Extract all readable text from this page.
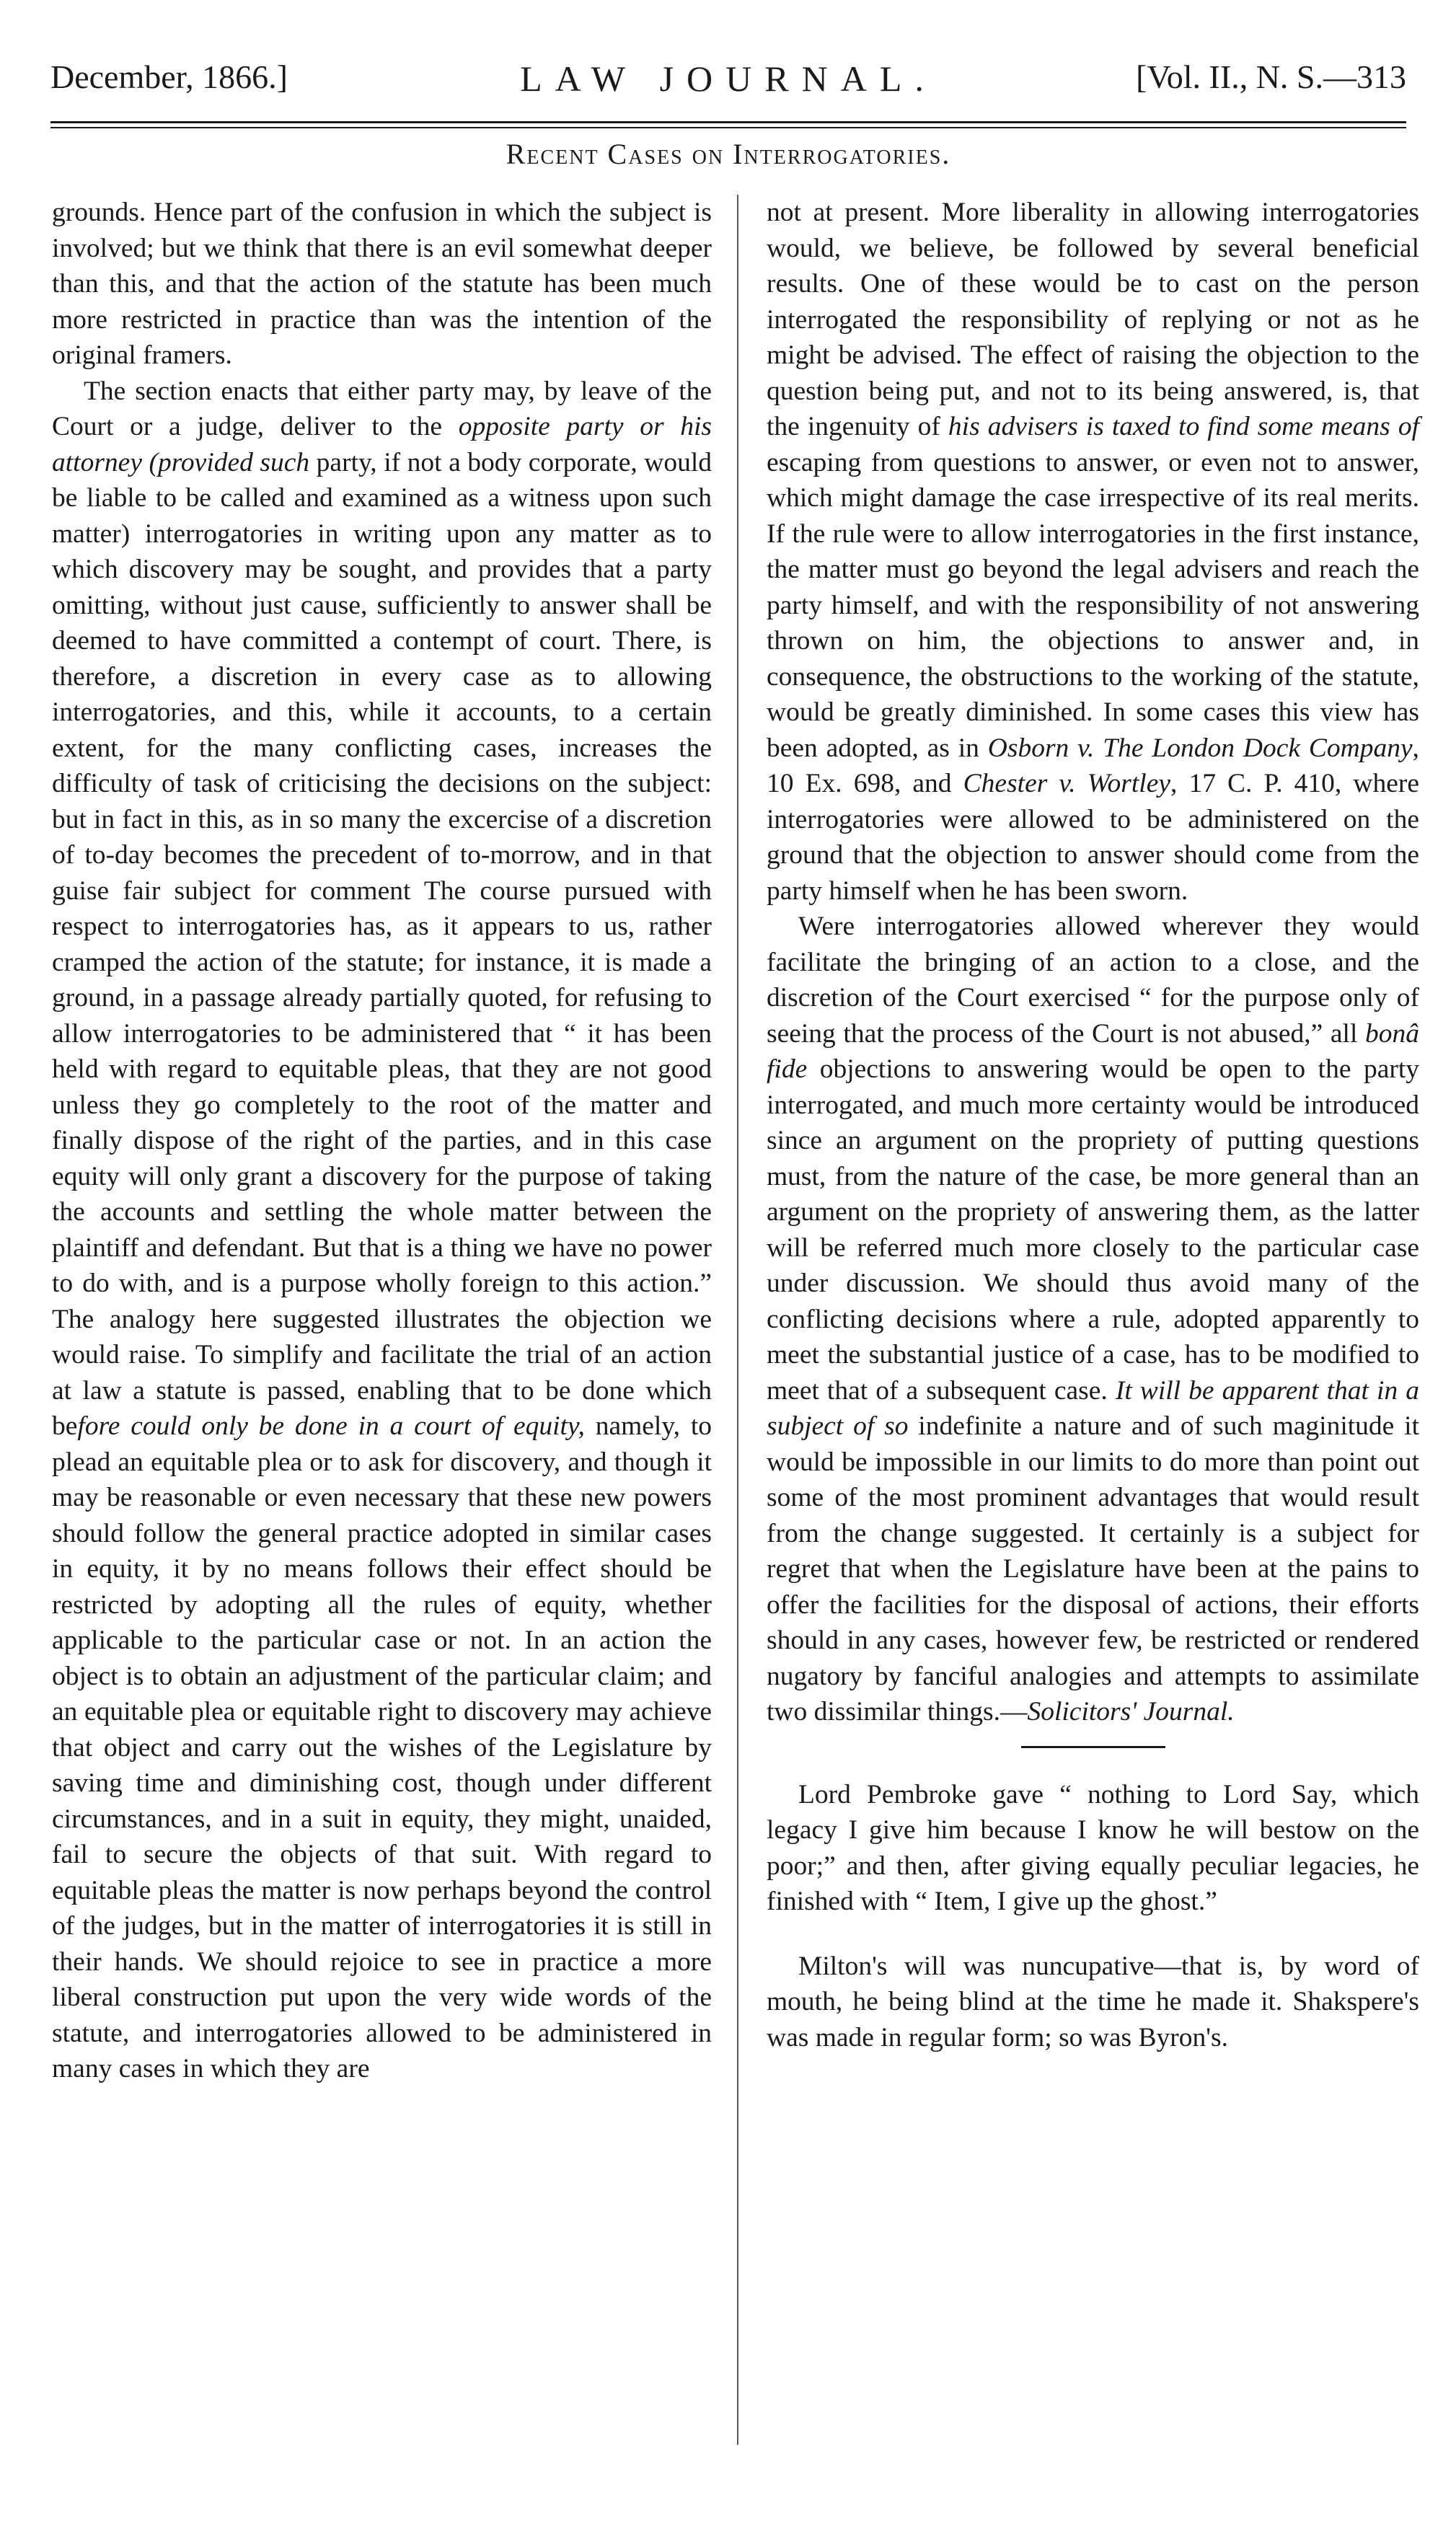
LAW JOURNAL.
December, 1866.]	[Vol. II., N. S.—313
Recent Cases on Interrogatories.

grounds. Hence part of the confusion in which the subject is involved; but we think that there is an evil somewhat deeper than this, and that the action of the statute has been much more restricted in practice than was the intention of the original framers.

The section enacts that either party may, by leave of the Court or a judge, deliver to the opposite party or his attorney (provided such party, if not a body corporate, would be liable to be called and examined as a witness upon such matter) interrogatories in writing upon any matter as to which discovery may be sought, and provides that a party omitting, without just cause, sufficiently to answer shall be deemed to have committed a contempt of court. There, is therefore, a discretion in every case as to allowing interrogatories, and this, while it accounts, to a certain extent, for the many conflicting cases, increases the difficulty of task of criticising the decisions on the subject: but in fact in this, as in so many the excercise of a discretion of to-day becomes the precedent of to-morrow, and in that guise fair subject for comment The course pursued with respect to interrogatories has, as it appears to us, rather cramped the action of the statute; for instance, it is made a ground, in a passage already partially quoted, for refusing to allow interrogatories to be administered that “ it has been held with regard to equitable pleas, that they are not good unless they go completely to the root of the matter and finally dispose of the right of the parties, and in this case equity will only grant a discovery for the purpose of taking the accounts and settling the whole matter between the plaintiff and defendant. But that is a thing we have no power to do with, and is a purpose wholly foreign to this action.” The analogy here suggested illustrates the objection we would raise. To simplify and facilitate the trial of an action at law a statute is passed, enabling that to be done which before could only be done in a court of equity, namely, to plead an equitable plea or to ask for discovery, and though it may be reasonable or even necessary that these new powers should follow the general practice adopted in similar cases in equity, it by no means follows their effect should be restricted by adopting all the rules of equity, whether applicable to the particular case or not. In an action the object is to obtain an adjustment of the particular claim; and an equitable plea or equitable right to discovery may achieve that object and carry out the wishes of the Legislature by saving time and diminishing cost, though under different circumstances, and in a suit in equity, they might, unaided, fail to secure the objects of that suit. With regard to equitable pleas the matter is now perhaps beyond the control of the judges, but in the matter of interrogatories it is still in their hands. We should rejoice to see in practice a more liberal construction put upon the very wide words of the statute, and interrogatories allowed to be administered in many cases in which they are

not at present. More liberality in allowing interrogatories would, we believe, be followed by several beneficial results. One of these would be to cast on the person interrogated the responsibility of replying or not as he might be advised. The effect of raising the objection to the question being put, and not to its being answered, is, that the ingenuity of his advisers is taxed to find some means of escaping from questions to answer, or even not to answer, which might damage the case irrespective of its real merits. If the rule were to allow interrogatories in the first instance, the matter must go beyond the legal advisers and reach the party himself, and with the responsibility of not answering thrown on him, the objections to answer and, in consequence, the obstructions to the working of the statute, would be greatly diminished. In some cases this view has been adopted, as in Osborn v. The London Dock Company, 10 Ex. 698, and Chester v. Wortley, 17 C. P. 410, where interrogatories were allowed to be administered on the ground that the objection to answer should come from the party himself when he has been sworn.

Were interrogatories allowed wherever they would facilitate the bringing of an action to a close, and the discretion of the Court exercised “ for the purpose only of seeing that the process of the Court is not abused,” all bonâ fide objections to answering would be open to the party interrogated, and much more certainty would be introduced since an argument on the propriety of putting questions must, from the nature of the case, be more general than an argument on the propriety of answering them, as the latter will be referred much more closely to the particular case under discussion. We should thus avoid many of the conflicting decisions where a rule, adopted apparently to meet the substantial justice of a case, has to be modified to meet that of a subsequent case. It will be apparent that in a subject of so indefinite a nature and of such maginitude it would be impossible in our limits to do more than point out some of the most prominent advantages that would result from the change suggested. It certainly is a subject for regret that when the Legislature have been at the pains to offer the facilities for the disposal of actions, their efforts should in any cases, however few, be restricted or rendered nugatory by fanciful analogies and attempts to assimilate two dissimilar things.—Solicitors' Journal.

Lord Pembroke gave “ nothing to Lord Say, which legacy I give him because I know he will bestow on the poor;” and then, after giving equally peculiar legacies, he finished with “ Item, I give up the ghost.”

Milton's will was nuncupative—that is, by word of mouth, he being blind at the time he made it. Shakspere's was made in regular form; so was Byron's.
